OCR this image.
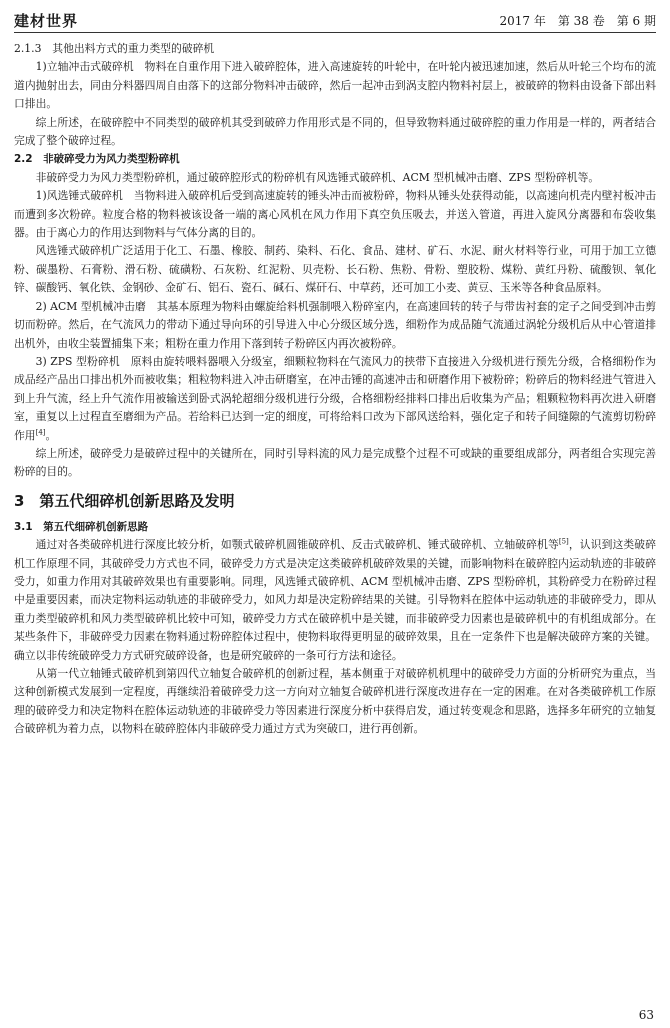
建材世界	2017 年　第 38 卷　第 6 期
2.1.3　其他出料方式的重力类型的破碎机

1)立轴冲击式破碎机　物料在自重作用下进入破碎腔体，进入高速旋转的叶轮中，在叶轮内被迅速加速，然后从叶轮三个均布的流道内抛射出去，同由分料器四周自由落下的这部分物料冲击破碎，然后一起冲击到涡支腔内物料衬层上，被破碎的物料由设备下部出料口排出。

综上所述，在破碎腔中不同类型的破碎机其受到破碎力作用形式是不同的，但导致物料通过破碎腔的重力作用是一样的，两者结合完成了整个破碎过程。

2.2　非破碎受力为风力类型粉碎机

非破碎受力为风力类型粉碎机，通过破碎腔形式的粉碎机有风选锤式破碎机、ACM 型机械冲击磨、ZPS 型粉碎机等。

1)风选锤式破碎机　当物料进入破碎机后受到高速旋转的锤头冲击而被粉碎，物料从锤头处获得动能，以高速向机壳内壁衬板冲击而遭到多次粉碎。粒度合格的物料被该设备一端的离心风机在风力作用下真空负压吸去，并送入管道，再进入旋风分离器和布袋收集器。由于离心力的作用达到物料与气体分离的目的。

风选锤式破碎机广泛适用于化工、石墨、橡胶、制药、染料、石化、食品、建材、矿石、水泥、耐火材料等行业，可用于加工立德粉、碳墨粉、石膏粉、滑石粉、硫磺粉、石灰粉、红泥粉、贝壳粉、长石粉、焦粉、骨粉、塑胶粉、煤粉、黄红丹粉、硫酸钡、氧化锌、碳酸钙、氧化铁、金钢砂、金矿石、铝石、瓷石、碱石、煤矸石、中草药，还可加工小麦、黄豆、玉米等各种食品原料。

2) ACM 型机械冲击磨　其基本原理为物料由螺旋给料机强制喂入粉碎室内，在高速回转的转子与带齿衬套的定子之间受到冲击剪切而粉碎。然后，在气流风力的带动下通过导向环的引导进入中心分级区域分选，细粉作为成品随气流通过涡轮分级机后从中心管道排出机外，由收尘装置捕集下来；粗粉在重力作用下落到转子粉碎区内再次被粉碎。

3) ZPS 型粉碎机　原料由旋转喂料器喂入分级室，细颗粒物料在气流风力的挟带下直接进入分级机进行预先分级，合格细粉作为成品经产品出口排出机外而被收集；粗粒物料进入冲击研磨室，在冲击锤的高速冲击和研磨作用下被粉碎；粉碎后的物料经进气管进入到上升气流，经上升气流作用被输送到卧式涡轮超细分级机进行分级，合格细粉经排料口排出后收集为产品；粗颗粒物料再次进入研磨室，重复以上过程直至磨细为产品。若给料已达到一定的细度，可将给料口改为下部风送给料，强化定子和转子间缝隙的气流剪切粉碎作用[4]。

综上所述，破碎受力是破碎过程中的关键所在，同时引导料流的风力是完成整个过程不可或缺的重要组成部分，两者组合实现完善粉碎的目的。

3　第五代细碎机创新思路及发明
3.1　第五代细碎机创新思路

通过对各类破碎机进行深度比较分析，如颚式破碎机圆锥破碎机、反击式破碎机、锤式破碎机、立轴破碎机等[5]，认识到这类破碎机工作原理不同，其破碎受力方式也不同，破碎受力方式是决定这类破碎机破碎效果的关键，而影响物料在破碎腔内运动轨迹的非破碎受力，如重力作用对其破碎效果也有重要影响。同理，风选锤式破碎机、ACM 型机械冲击磨、ZPS 型粉碎机，其粉碎受力在粉碎过程中是重要因素，而决定物料运动轨迹的非破碎受力，如风力却是决定粉碎结果的关键。引导物料在腔体中运动轨迹的非破碎受力，即从重力类型破碎机和风力类型破碎机比较中可知，破碎受力方式在破碎机中是关键，而非破碎受力因素也是破碎机中的有机组成部分。在某些条件下，非破碎受力因素在物料通过粉碎腔体过程中，使物料取得更明显的破碎效果，且在一定条件下也是解决破碎方案的关键。确立以非传统破碎受力方式研究破碎设备，也是研究破碎的一条可行方法和途径。

从第一代立轴锤式破碎机到第四代立轴复合破碎机的创新过程，基本侧重于对破碎机机理中的破碎受力方面的分析研究为重点，当这种创新模式发展到一定程度，再继续沿着破碎受力这一方向对立轴复合破碎机进行深度改进存在一定的困难。在对各类破碎机工作原理的破碎受力和决定物料在腔体运动轨迹的非破碎受力等因素进行深度分析中获得启发，通过转变观念和思路，选择多年研究的立轴复合破碎机为着力点，以物料在破碎腔体内非破碎受力通过方式为突破口，进行再创新。

63
